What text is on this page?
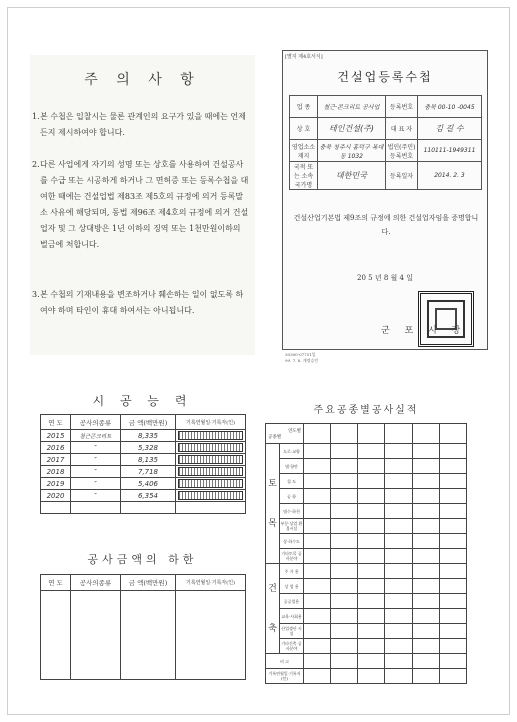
주 의 사 항
1. 본 수첩은 입찰시는 물론 관계인의 요구가 있을 때에는 언제든지 제시하여야 합니다.
2. 다른 사업에게 자기의 성명 또는 상호를 사용하여 건설공사를 수급 또는 시공하게 하거나 그 면허증 또는 등록수첩을 대여한 때에는 건설업법 제83조 제5호의 규정에 의거 등록말소 사유에 해당되며, 동법 제96조 제4호의 규정에 의거 건설업자 및 그 상대방은 1년 이하의 징역 또는 1천만원이하의 벌금에 처합니다.
3. 본 수첩의 기재내용을 변조하거나 훼손하는 일이 없도록 하여야 하며 타인이 휴대 하여서는 아니됩니다.
[별지 제4호서식]
건설업등록수첩
업 종	철근·콘크리트 공사업	등록번호	충북 00-10 -0045
상 호	테인건설(주)	대 표 자	김 길 수
영업소소재지	충북 청주시 흥덕구 복대동 1032	법인(주민) 등록번호	110111-1949311
국적 또는 소속국가명	대한민국	등록일자	2014. 2. 3
건설산업기본법 제9조의 규정에 의한 건설업자임을 증명합니다.
20 5 년 8 월 4 일
군 포 시 장
30300-07751일
99. 7. 8. 개정승인
시 공 능 력
연 도	공사의종류	금 액(백만원)	기록연월일·기록자(인)
2015	철근콘크리트	8,335	

2016	″	5,328	

2017	″	8,135	

2018	″	7,718	

2019	″	5,406	

2020	″	6,354	

공사금액의 하한
연 도	공사의종류	금 액(백만원)	기록연월일·기록자(인)

주요공종별공사실적
연도별
공종별							

토 목	도로·교량						
	댐·항만						
	철 도						
	공 항						
	댐수·하천						
	부문·상업 환경시설						
	상·하수도						
	기타토목 공사분야						
건 축	주 거 용						
	상 업 용						
	공공업용						
	교육·사회용						
	산업생산 시설						
	기타건축 공사분야						
비 고							
기록연월일·기록자(인)							
